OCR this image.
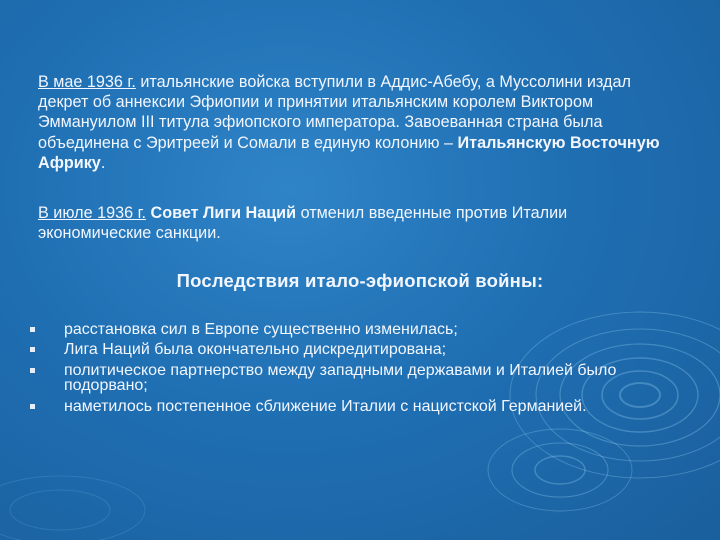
В мае 1936 г. итальянские войска вступили в Аддис-Абебу, а Муссолини издал декрет об аннексии Эфиопии и принятии итальянским королем Виктором Эммануилом III титула эфиопского императора. Завоеванная страна была объединена с Эритреей и Сомали в единую колонию – Итальянскую Восточную Африку.
В июле 1936 г. Совет Лиги Наций отменил введенные против Италии экономические санкции.
Последствия итало-эфиопской войны:
расстановка сил в Европе существенно изменилась;
Лига Наций была окончательно дискредитирована;
политическое партнерство между западными державами и Италией было подорвано;
наметилось постепенное сближение Италии с нацистской Германией.
